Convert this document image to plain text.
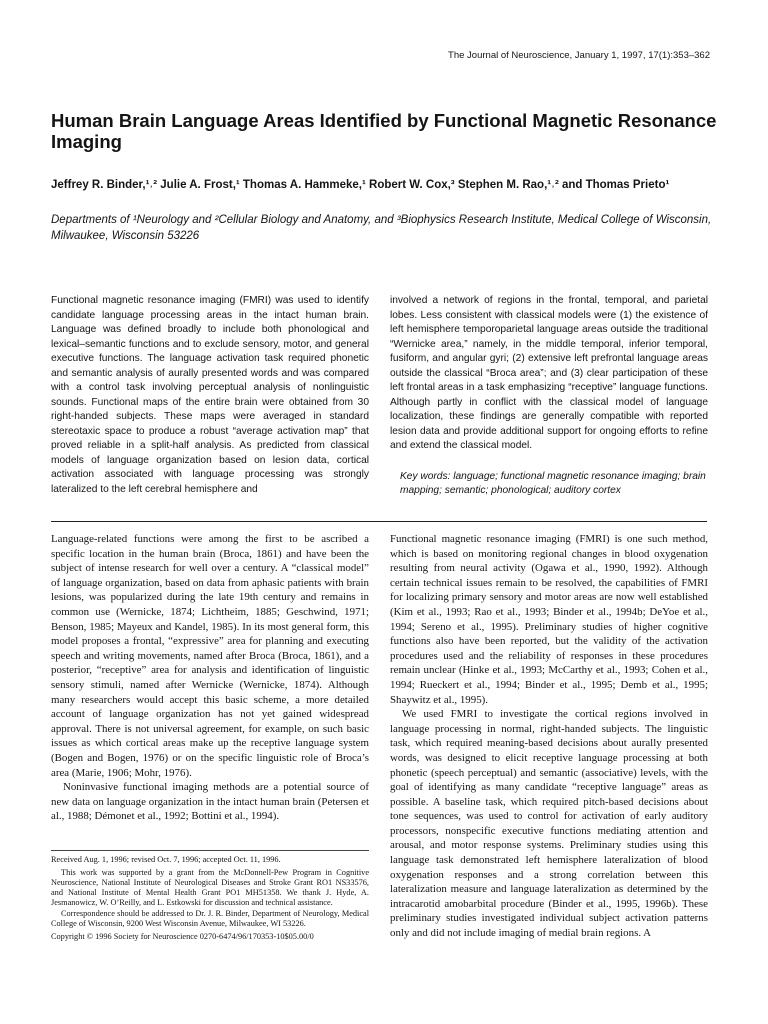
The Journal of Neuroscience, January 1, 1997, 17(1):353–362
Human Brain Language Areas Identified by Functional Magnetic Resonance Imaging
Jeffrey R. Binder,¹˒² Julie A. Frost,¹ Thomas A. Hammeke,¹ Robert W. Cox,³ Stephen M. Rao,¹˒² and Thomas Prieto¹
Departments of ¹Neurology and ²Cellular Biology and Anatomy, and ³Biophysics Research Institute, Medical College of Wisconsin, Milwaukee, Wisconsin 53226

Functional magnetic resonance imaging (FMRI) was used to identify candidate language processing areas in the intact human brain. Language was defined broadly to include both phonological and lexical–semantic functions and to exclude sensory, motor, and general executive functions. The language activation task required phonetic and semantic analysis of aurally presented words and was compared with a control task involving perceptual analysis of nonlinguistic sounds. Functional maps of the entire brain were obtained from 30 right-handed subjects. These maps were averaged in standard stereotaxic space to produce a robust “average activation map” that proved reliable in a split-half analysis. As predicted from classical models of language organization based on lesion data, cortical activation associated with language processing was strongly lateralized to the left cerebral hemisphere and

involved a network of regions in the frontal, temporal, and parietal lobes. Less consistent with classical models were (1) the existence of left hemisphere temporoparietal language areas outside the traditional “Wernicke area,” namely, in the middle temporal, inferior temporal, fusiform, and angular gyri; (2) extensive left prefrontal language areas outside the classical “Broca area”; and (3) clear participation of these left frontal areas in a task emphasizing “receptive” language functions. Although partly in conflict with the classical model of language localization, these findings are generally compatible with reported lesion data and provide additional support for ongoing efforts to refine and extend the classical model.

Key words: language; functional magnetic resonance imaging; brain mapping; semantic; phonological; auditory cortex

Language-related functions were among the first to be ascribed a specific location in the human brain (Broca, 1861) and have been the subject of intense research for well over a century. A “classical model” of language organization, based on data from aphasic patients with brain lesions, was popularized during the late 19th century and remains in common use (Wernicke, 1874; Lichtheim, 1885; Geschwind, 1971; Benson, 1985; Mayeux and Kandel, 1985). In its most general form, this model proposes a frontal, “expressive” area for planning and executing speech and writing movements, named after Broca (Broca, 1861), and a posterior, “receptive” area for analysis and identification of linguistic sensory stimuli, named after Wernicke (Wernicke, 1874). Although many researchers would accept this basic scheme, a more detailed account of language organization has not yet gained widespread approval. There is not universal agreement, for example, on such basic issues as which cortical areas make up the receptive language system (Bogen and Bogen, 1976) or on the specific linguistic role of Broca’s area (Marie, 1906; Mohr, 1976).

Noninvasive functional imaging methods are a potential source of new data on language organization in the intact human brain (Petersen et al., 1988; Démonet et al., 1992; Bottini et al., 1994).

Functional magnetic resonance imaging (FMRI) is one such method, which is based on monitoring regional changes in blood oxygenation resulting from neural activity (Ogawa et al., 1990, 1992). Although certain technical issues remain to be resolved, the capabilities of FMRI for localizing primary sensory and motor areas are now well established (Kim et al., 1993; Rao et al., 1993; Binder et al., 1994b; DeYoe et al., 1994; Sereno et al., 1995). Preliminary studies of higher cognitive functions also have been reported, but the validity of the activation procedures used and the reliability of responses in these procedures remain unclear (Hinke et al., 1993; McCarthy et al., 1993; Cohen et al., 1994; Rueckert et al., 1994; Binder et al., 1995; Demb et al., 1995; Shaywitz et al., 1995).

We used FMRI to investigate the cortical regions involved in language processing in normal, right-handed subjects. The linguistic task, which required meaning-based decisions about aurally presented words, was designed to elicit receptive language processing at both phonetic (speech perceptual) and semantic (associative) levels, with the goal of identifying as many candidate “receptive language” areas as possible. A baseline task, which required pitch-based decisions about tone sequences, was used to control for activation of early auditory processors, nonspecific executive functions mediating attention and arousal, and motor response systems. Preliminary studies using this language task demonstrated left hemisphere lateralization of blood oxygenation responses and a strong correlation between this lateralization measure and language lateralization as determined by the intracarotid amobarbital procedure (Binder et al., 1995, 1996b). These preliminary studies investigated individual subject activation patterns only and did not include imaging of medial brain regions. A

Received Aug. 1, 1996; revised Oct. 7, 1996; accepted Oct. 11, 1996.

This work was supported by a grant from the McDonnell-Pew Program in Cognitive Neuroscience, National Institute of Neurological Diseases and Stroke Grant RO1 NS33576, and National Institute of Mental Health Grant PO1 MH51358. We thank J. Hyde, A. Jesmanowicz, W. O’Reilly, and L. Estkowski for discussion and technical assistance.

Correspondence should be addressed to Dr. J. R. Binder, Department of Neurology, Medical College of Wisconsin, 9200 West Wisconsin Avenue, Milwaukee, WI 53226.

Copyright © 1996 Society for Neuroscience 0270-6474/96/170353-10$05.00/0
